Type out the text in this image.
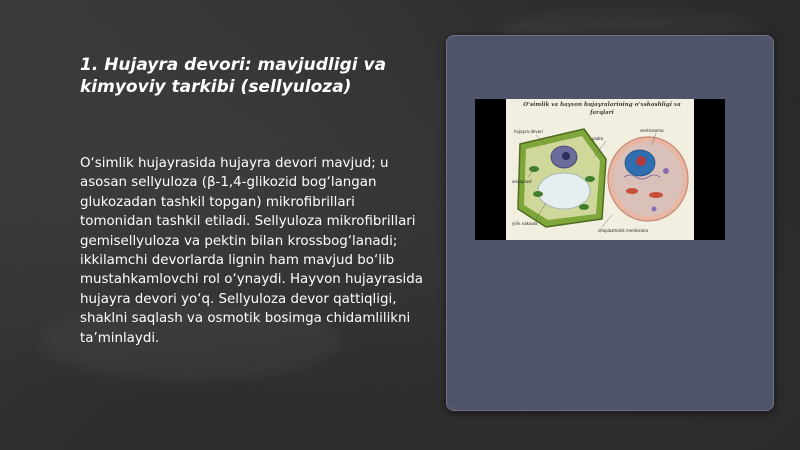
1. Hujayra devori: mavjudligi va kimyoviy tarkibi (sellyuloza)
O‘simlik hujayrasida hujayra devori mavjud; u asosan sellyuloza (β-1,4-glikozid bog‘langan glukozadan tashkil topgan) mikrofibrillari tomonidan tashkil etiladi. Sellyuloza mikrofibrillari gemisellyuloza va pektin bilan krossbog‘lanadi; ikkilamchi devorlarda lignin ham mavjud bo‘lib mustahkamlovchi rol o‘ynaydi. Hayvon hujayrasida hujayra devori yo‘q. Sellyuloza devor qattiqligi, shaklni saqlash va osmotik bosimga chidamlilikni ta’minlaydi.
O‘simlik va hayvon hujayralarining o‘xshashligi va farqlari
hujayra devori
yadro
sentrosoma
xloroplast
yirik vakuola
sitoplazmatik membrana
